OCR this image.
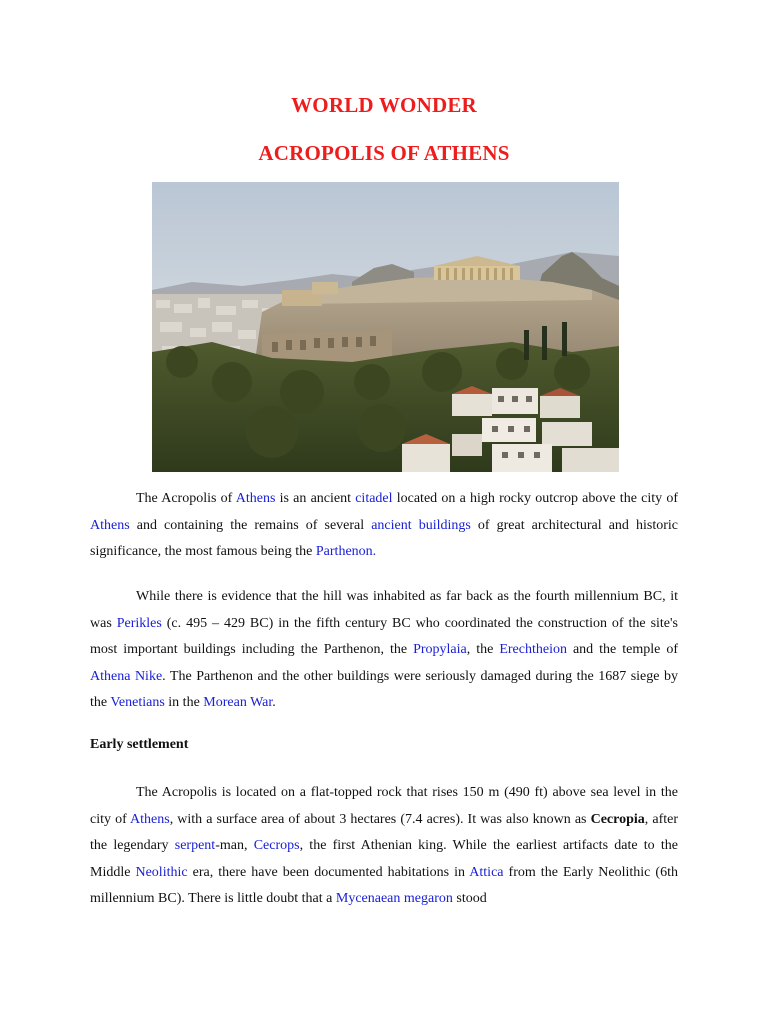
WORLD WONDER
ACROPOLIS OF ATHENS

The Acropolis of Athens is an ancient citadel located on a high rocky outcrop above the city of Athens and containing the remains of several ancient buildings of great architectural and historic significance, the most famous being the Parthenon.

While there is evidence that the hill was inhabited as far back as the fourth millennium BC, it was Perikles (c. 495 – 429 BC) in the fifth century BC who coordinated the construction of the site's most important buildings including the Parthenon, the Propylaia, the Erechtheion and the temple of Athena Nike. The Parthenon and the other buildings were seriously damaged during the 1687 siege by the Venetians in the Morean War.

Early settlement

The Acropolis is located on a flat-topped rock that rises 150 m (490 ft) above sea level in the city of Athens, with a surface area of about 3 hectares (7.4 acres). It was also known as Cecropia, after the legendary serpent-man, Cecrops, the first Athenian king. While the earliest artifacts date to the Middle Neolithic era, there have been documented habitations in Attica from the Early Neolithic (6th millennium BC). There is little doubt that a Mycenaean megaron stood
